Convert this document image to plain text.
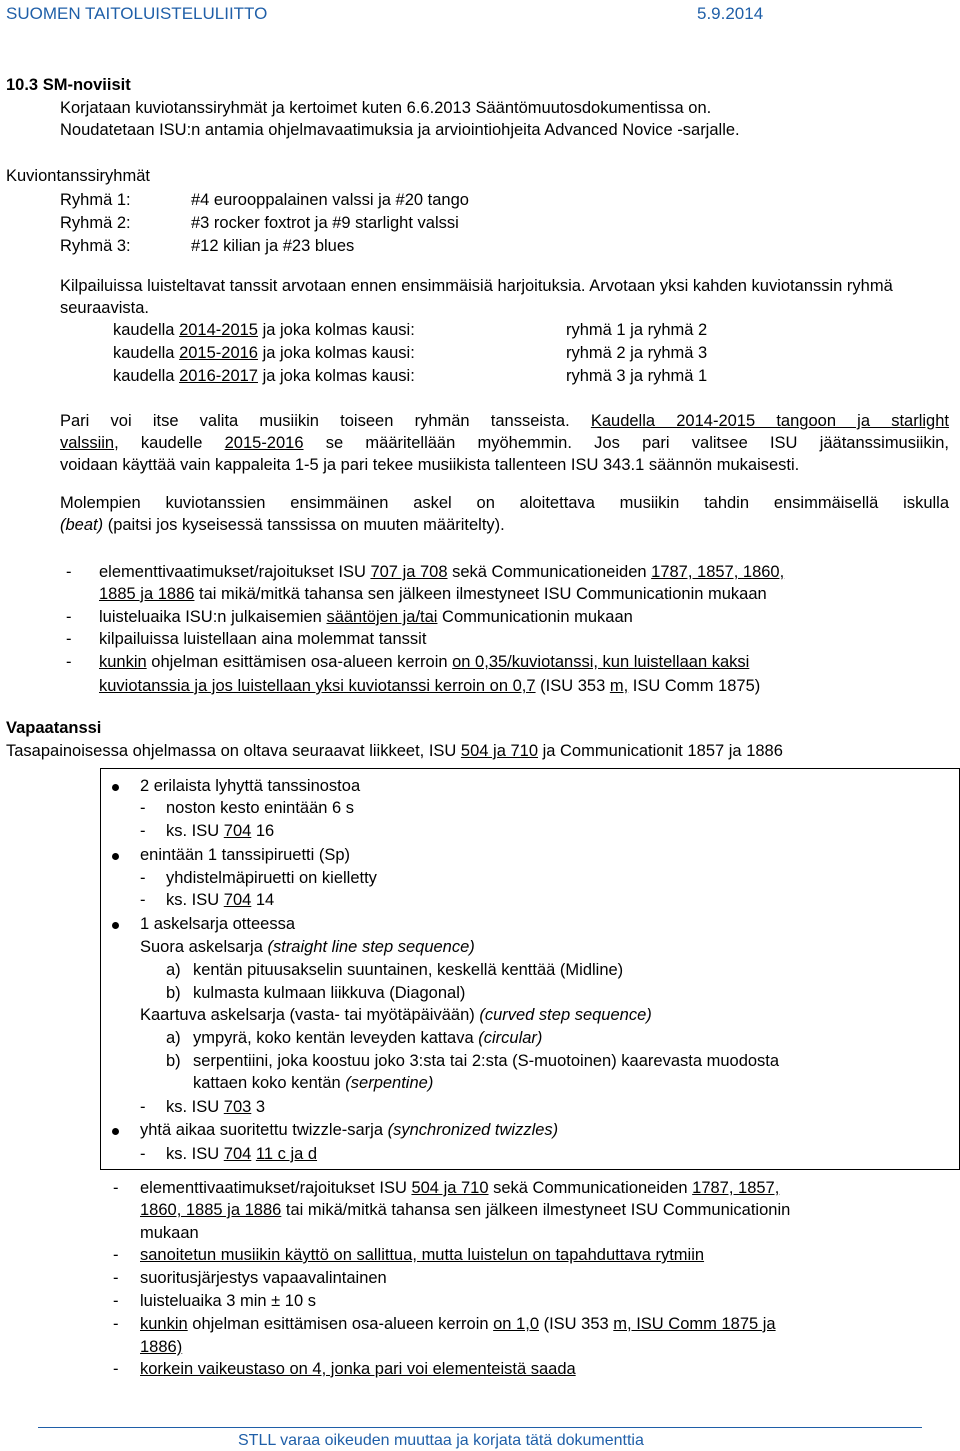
SUOMEN TAITOLUISTELULIITTO	5.9.2014
10.3 SM-noviisit
Korjataan kuviotanssiryhmät ja kertoimet kuten 6.6.2013 Sääntömuutosdokumentissa on.
Noudatetaan ISU:n antamia ohjelmavaatimuksia ja arviointiohjeita Advanced Novice -sarjalle.
Kuviontanssiryhmät
Ryhmä 1:	#4 eurooppalainen valssi ja #20 tango
Ryhmä 2:	#3 rocker foxtrot ja #9 starlight valssi
Ryhmä 3:	#12 kilian ja #23 blues
Kilpailuissa luisteltavat tanssit arvotaan ennen ensimmäisiä harjoituksia. Arvotaan yksi kahden kuviotanssin ryhmä seuraavista.
kaudella 2014-2015 ja joka kolmas kausi:	ryhmä 1 ja ryhmä 2
kaudella 2015-2016 ja joka kolmas kausi:	ryhmä 2 ja ryhmä 3
kaudella 2016-2017 ja joka kolmas kausi:	ryhmä 3 ja ryhmä 1
Pari voi itse valita musiikin toiseen ryhmän tansseista. Kaudella 2014-2015 tangoon ja starlight
valssiin, kaudelle 2015-2016 se määritellään myöhemmin. Jos pari valitsee ISU jäätanssimusiikin,
voidaan käyttää vain kappaleita 1-5 ja pari tekee musiikista tallenteen ISU 343.1 säännön mukaisesti.
Molempien kuviotanssien ensimmäinen askel on aloitettava musiikin tahdin ensimmäisellä iskulla
(beat) (paitsi jos kyseisessä tanssissa on muuten määritelty).
- elementtivaatimukset/rajoitukset ISU 707 ja 708 sekä Communicationeiden 1787, 1857, 1860,
1885 ja 1886 tai mikä/mitkä tahansa sen jälkeen ilmestyneet ISU Communicationin mukaan
- luisteluaika ISU:n julkaisemien sääntöjen ja/tai Communicationin mukaan
- kilpailuissa luistellaan aina molemmat tanssit
- kunkin ohjelman esittämisen osa-alueen kerroin on 0,35/kuviotanssi, kun luistellaan kaksi
kuviotanssia ja jos luistellaan yksi kuviotanssi kerroin on 0,7 (ISU 353 m, ISU Comm 1875)
Vapaatanssi
Tasapainoisessa ohjelmassa on oltava seuraavat liikkeet, ISU 504 ja 710 ja Communicationit 1857 ja 1886
2 erilaista lyhyttä tanssinostoa
- noston kesto enintään 6 s
- ks. ISU 704 16
enintään 1 tanssipiruetti (Sp)
- yhdistelmäpiruetti on kielletty
- ks. ISU 704 14
1 askelsarja otteessa
Suora askelsarja (straight line step sequence)
a) kentän pituusakselin suuntainen, keskellä kenttää (Midline)
b) kulmasta kulmaan liikkuva (Diagonal)
Kaartuva askelsarja (vasta- tai myötäpäivään) (curved step sequence)
a) ympyrä, koko kentän leveyden kattava (circular)
b) serpentiini, joka koostuu joko 3:sta tai 2:sta (S-muotoinen) kaarevasta muodosta
kattaen koko kentän (serpentine)
- ks. ISU 703 3
yhtä aikaa suoritettu twizzle-sarja (synchronized twizzles)
- ks. ISU 704 11 c ja d
- elementtivaatimukset/rajoitukset ISU 504 ja 710 sekä Communicationeiden 1787, 1857,
1860, 1885 ja 1886 tai mikä/mitkä tahansa sen jälkeen ilmestyneet ISU Communicationin
mukaan
- sanoitetun musiikin käyttö on sallittua, mutta luistelun on tapahduttava rytmiin
- suoritusjärjestys vapaavalintainen
- luisteluaika 3 min ± 10 s
- kunkin ohjelman esittämisen osa-alueen kerroin on 1,0 (ISU 353 m, ISU Comm 1875 ja
1886)
- korkein vaikeustaso on 4, jonka pari voi elementeistä saada
STLL varaa oikeuden muuttaa ja korjata tätä dokumenttia
